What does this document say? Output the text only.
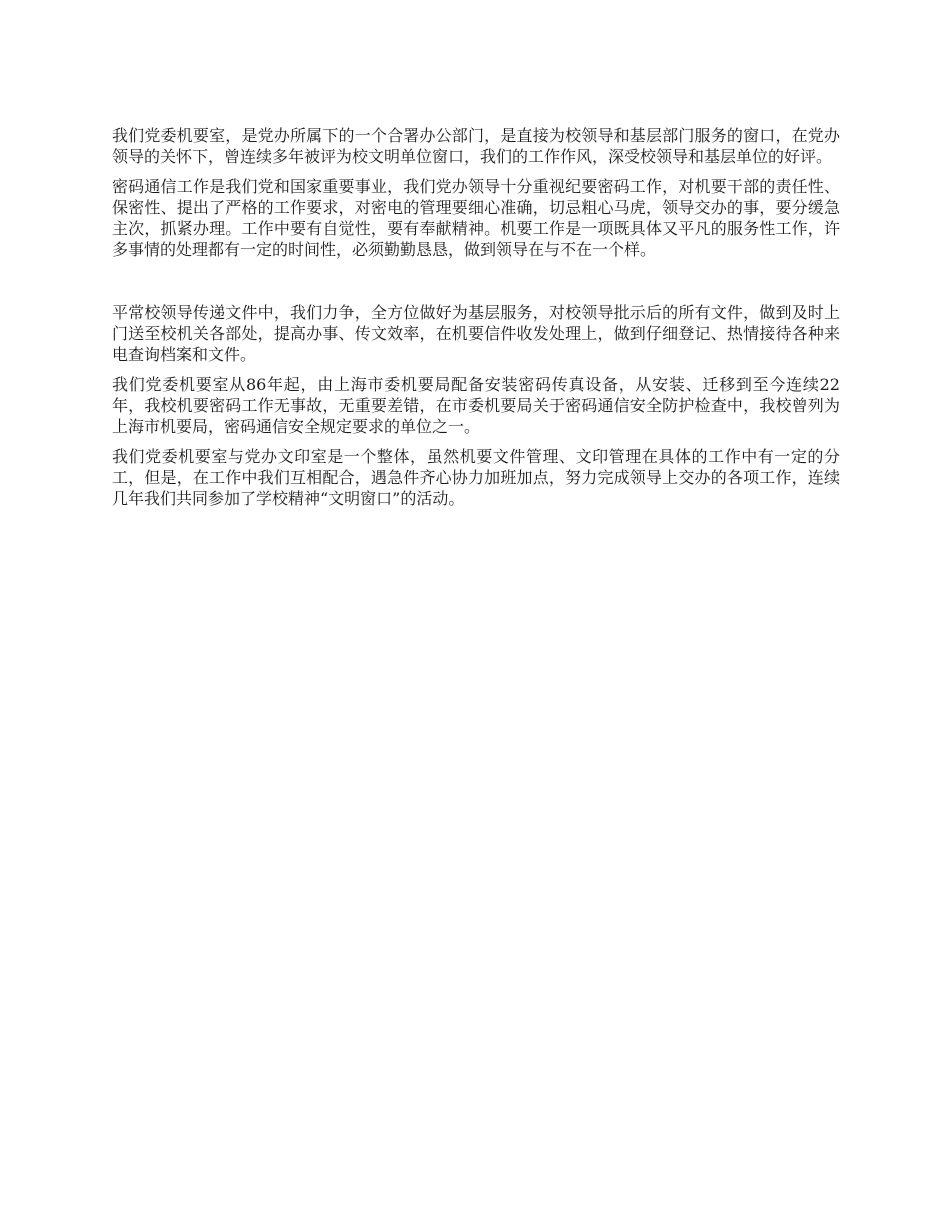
我们党委机要室，是党办所属下的一个合署办公部门，是直接为校领导和基层部门服务的窗口，在党办领导的关怀下，曾连续多年被评为校文明单位窗口，我们的工作作风，深受校领导和基层单位的好评。

密码通信工作是我们党和国家重要事业，我们党办领导十分重视纪要密码工作，对机要干部的责任性、保密性、提出了严格的工作要求，对密电的管理要细心准确，切忌粗心马虎，领导交办的事，要分缓急主次，抓紧办理。工作中要有自觉性，要有奉献精神。机要工作是一项既具体又平凡的服务性工作，许多事情的处理都有一定的时间性，必须勤勤恳恳，做到领导在与不在一个样。

平常校领导传递文件中，我们力争，全方位做好为基层服务，对校领导批示后的所有文件，做到及时上门送至校机关各部处，提高办事、传文效率，在机要信件收发处理上，做到仔细登记、热情接待各种来电查询档案和文件。

我们党委机要室从86年起，由上海市委机要局配备安装密码传真设备，从安装、迁移到至今连续22年，我校机要密码工作无事故，无重要差错，在市委机要局关于密码通信安全防护检查中，我校曾列为上海市机要局，密码通信安全规定要求的单位之一。

我们党委机要室与党办文印室是一个整体，虽然机要文件管理、文印管理在具体的工作中有一定的分工，但是，在工作中我们互相配合，遇急件齐心协力加班加点，努力完成领导上交办的各项工作，连续几年我们共同参加了学校精神“文明窗口”的活动。
